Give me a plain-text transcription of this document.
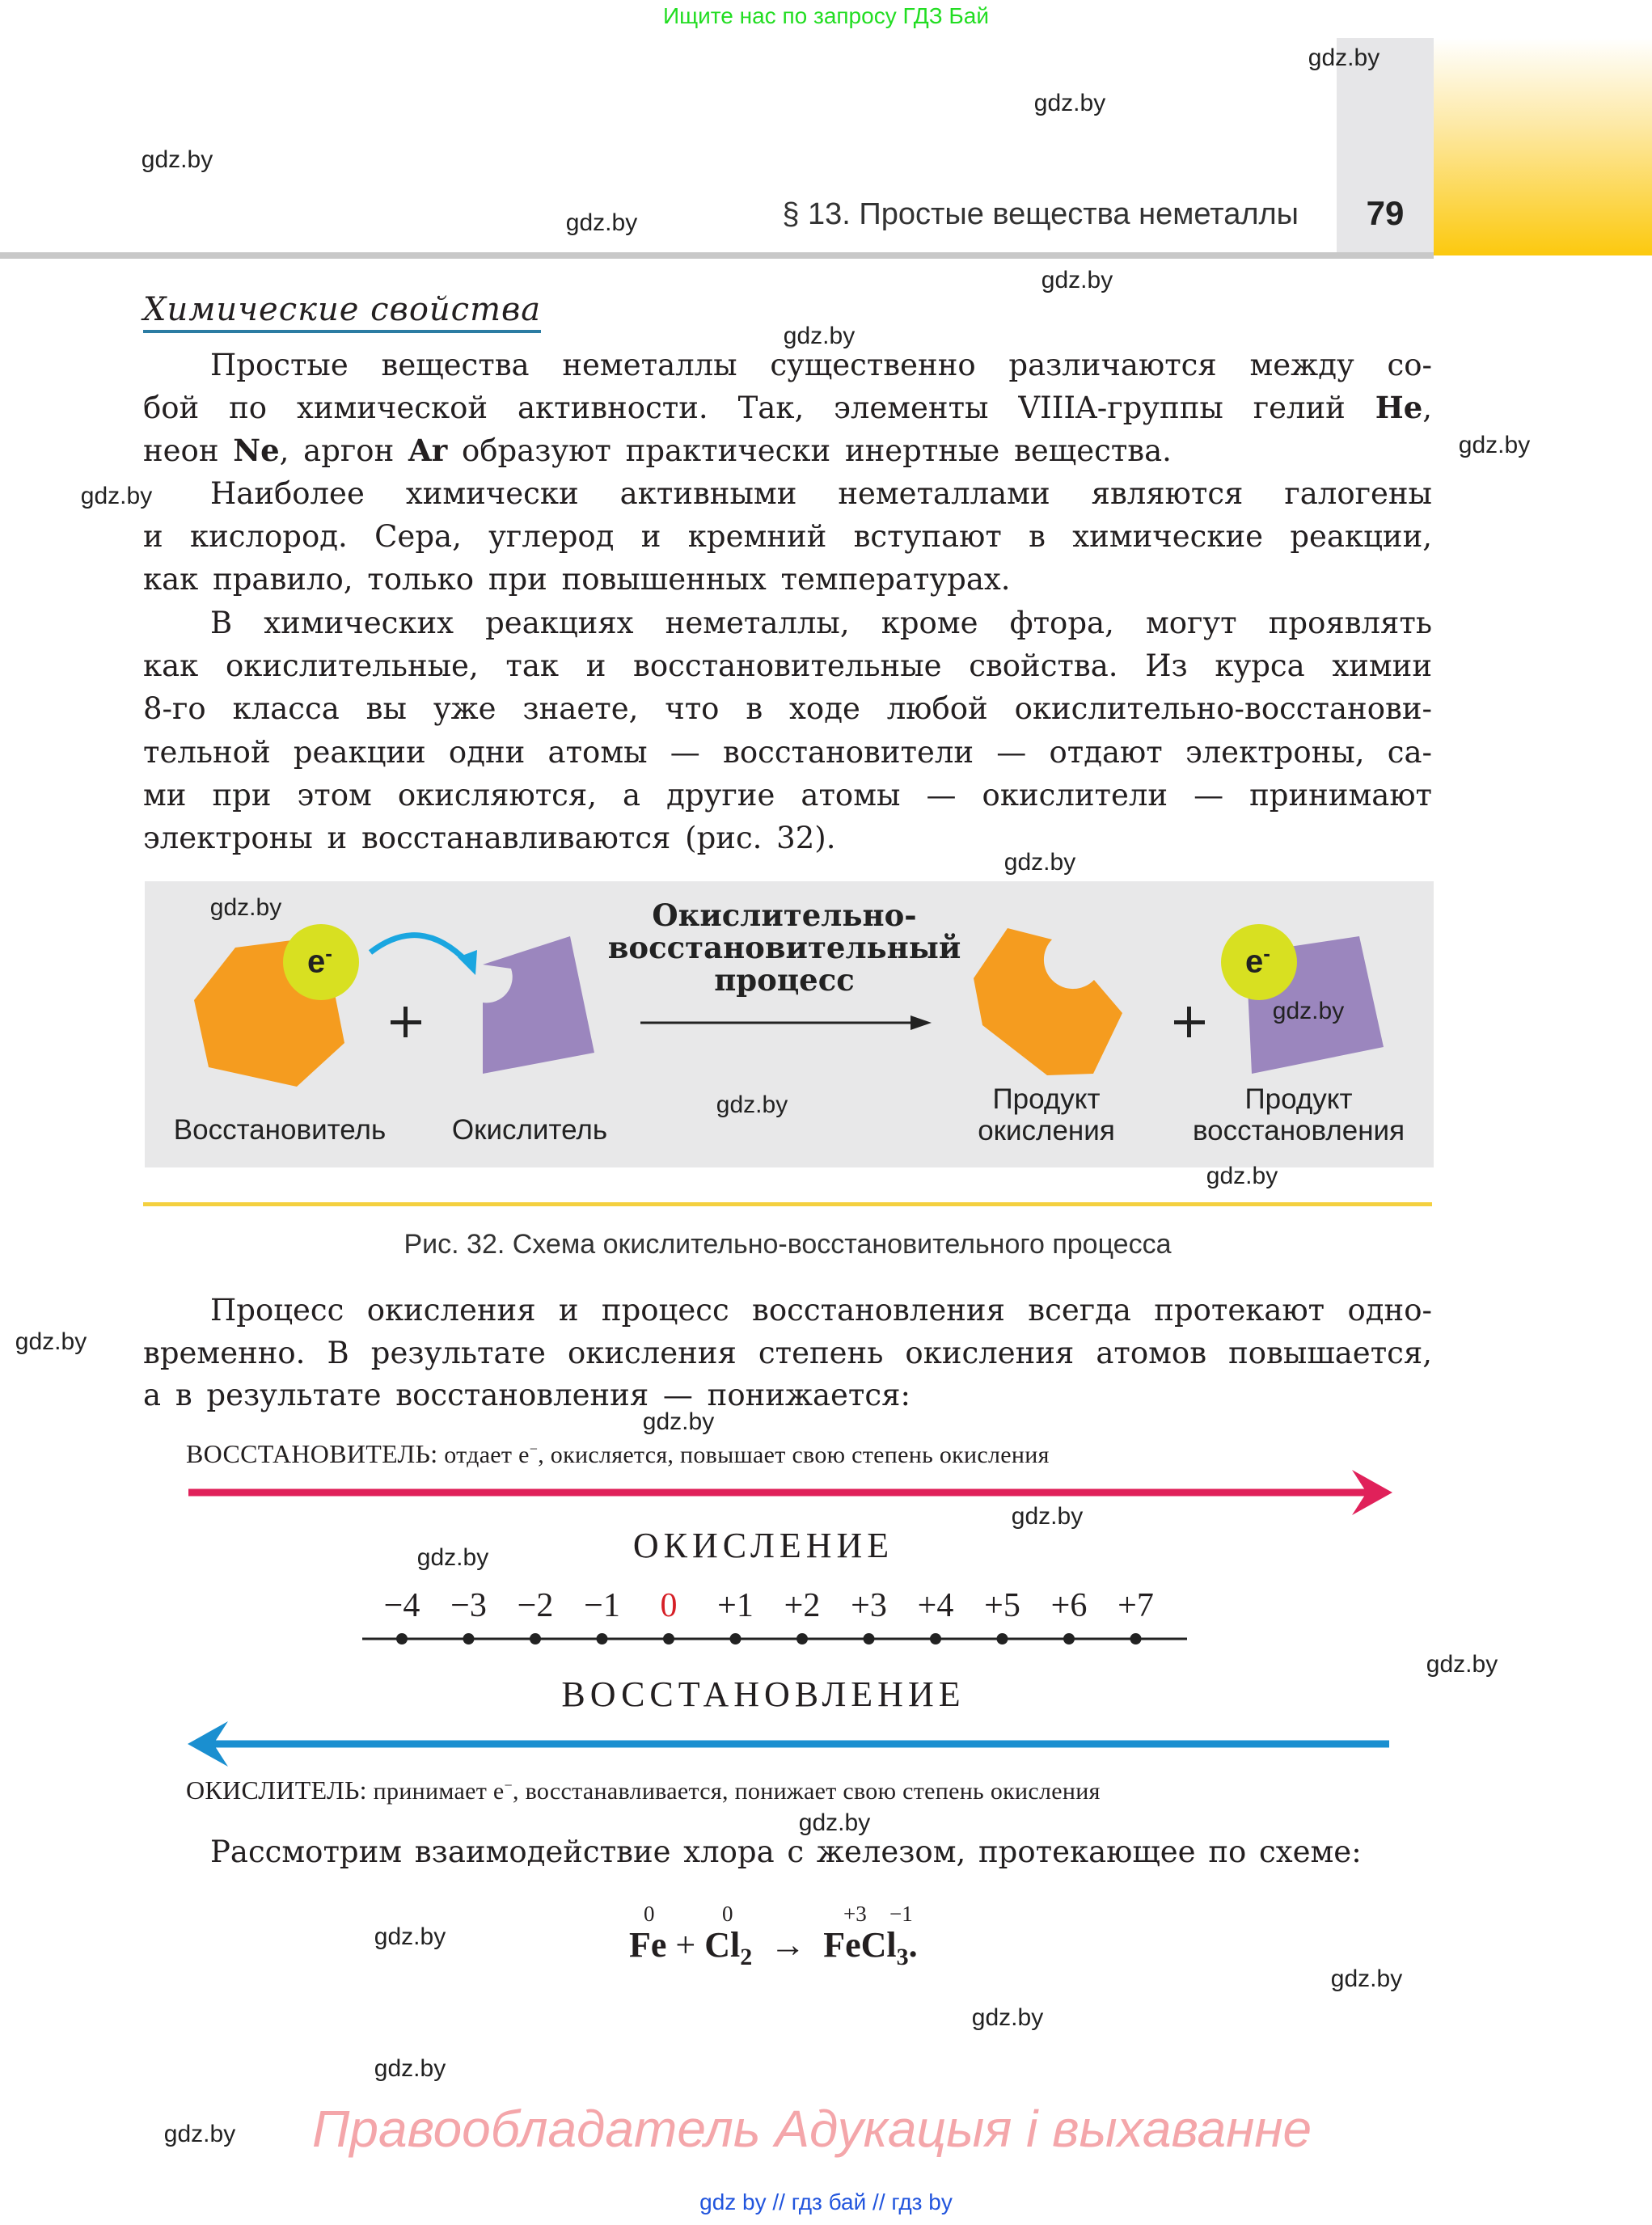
Ищите нас по запросу ГДЗ Бай
§ 13. Простые вещества неметаллы	79
Химические свойства
Простые вещества неметаллы существенно различаются между со-
бой по химической активности. Так, элементы VIIIA-группы гелий He,
неон Ne, аргон Ar образуют практически инертные вещества.
Наиболее химически активными неметаллами являются галогены
и кислород. Сера, углерод и кремний вступают в химические реакции,
как правило, только при повышенных температурах.
В химических реакциях неметаллы, кроме фтора, могут проявлять
как окислительные, так и восстановительные свойства. Из курса химии
8-го класса вы уже знаете, что в ходе любой окислительно-восстанови-
тельной реакции одни атомы — восстановители — отдают электроны, са-
ми при этом окисляются, а другие атомы — окислители — принимают
электроны и восстанавливаются (рис. 32).
e-	e-
Окислительно-
восстановительный
процесс
Восстановитель	Окислитель
Продукт
окисления
Продукт
восстановления
Рис. 32. Схема окислительно-восстановительного процесса
Процесс окисления и процесс восстановления всегда протекают одно-
временно. В результате окисления степень окисления атомов повышается,
а в результате восстановления — понижается:
ВОССТАНОВИТЕЛЬ: отдает e−, окисляется, повышает свою степень окисления
ОКИСЛЕНИЕ
−4 −3 −2 −1	0	+1 +2 +3 +4 +5 +6 +7
ВОССТАНОВЛЕНИЕ
ОКИСЛИТЕЛЬ: принимает e−, восстанавливается, понижает свою степень окисления
Рассмотрим взаимодействие хлора с железом, протекающее по схеме:
0	0	+3 −1
$Fe + Cl_2$ → FeCl$_3$.
Правообладатель Адукацыя і выхаванне
gdz by // гдз бай // гдз by
gdz.by
gdz.by
gdz.by
gdz.by
gdz.by
gdz.by
gdz.by
gdz.by
gdz.by
gdz.by
gdz.by
gdz.by
gdz.by
gdz.by
gdz.by
gdz.by
gdz.by
gdz.by
gdz.by
gdz.by
gdz.by
gdz.by
gdz.by
gdz.by
